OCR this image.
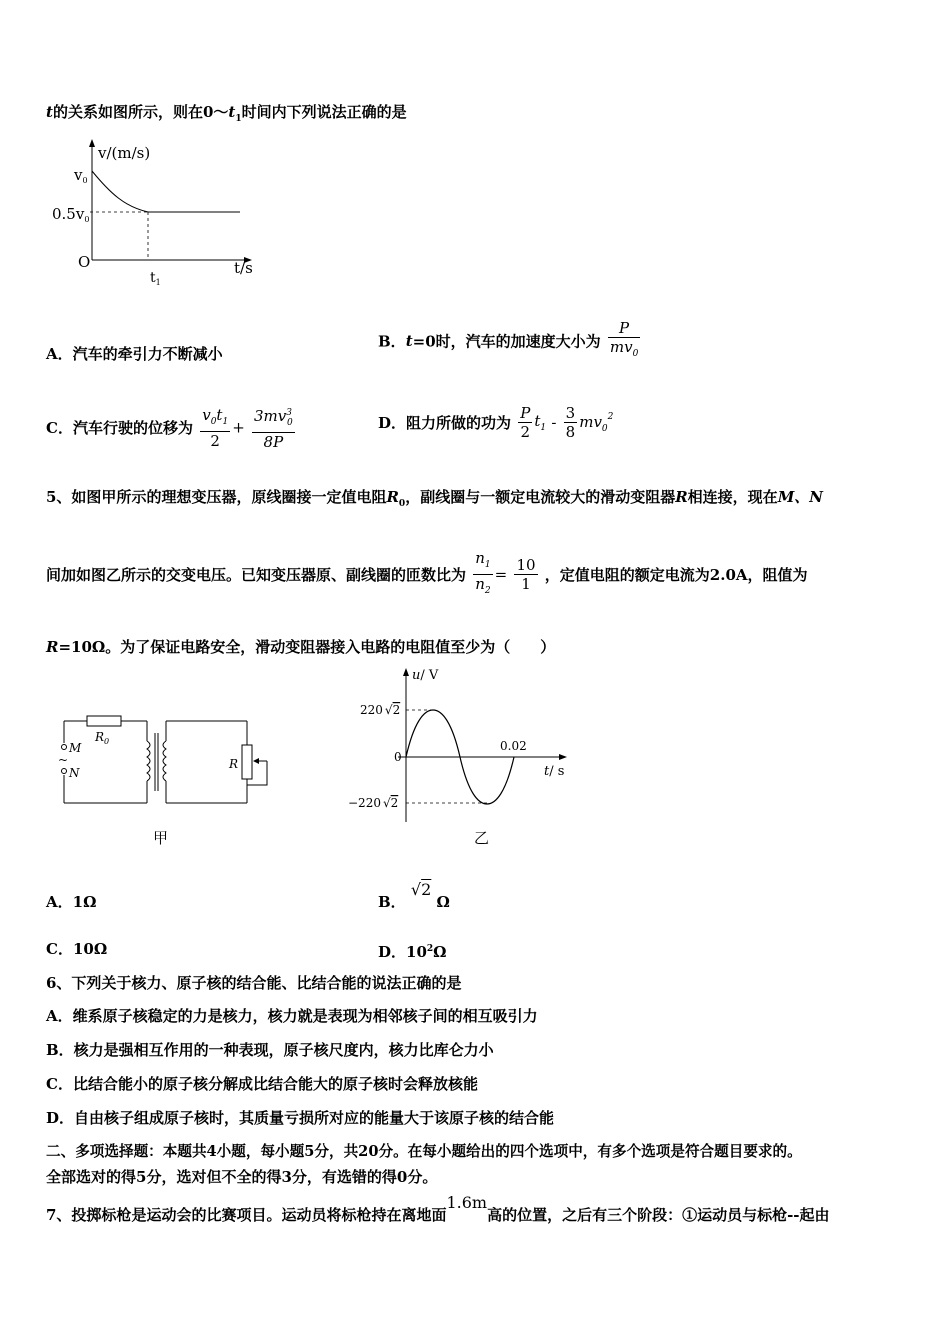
t的关系如图所示，则在$0\sim t_1$时间内下列说法正确的是
v/(m/s)
$v_0$
$0.5v_0$
O	t/s
$t_1$
A．汽车的牵引力不断减小
B．t=0时，汽车的加速度大小为 $\frac{P}{mv_0}$
C．汽车行驶的位移为 $\frac{v_0t_1}{2} + \frac{3mv^3_0}{8P}$	D．阻力所做的功为 $\frac{P}{2} t_1 - \frac{3}{8} mv_0^2$
5、如图甲所示的理想变压器，原线圈接一定值电阻$R_0$，副线圈与一额定电流较大的滑动变阻器R相连接，现在M、N
间加如图乙所示的交变电压。已知变压器原、副线圈的匝数比为 $\frac{n_1}{n_2} = \frac{10}{1}$ ，定值电阻的额定电流为2.0A，阻值为
R=10Ω。为了保证电路安全，滑动变阻器接入电路的电阻值至少为（　　）
M
~
N
$R_0$
R
甲
u/ V
220 √2
0
0.02
t/ s
−220 √2
乙
A．1Ω	B． √2 Ω
C．10Ω	D．$10^2\Omega$
6、下列关于核力、原子核的结合能、比结合能的说法正确的是
A．维系原子核稳定的力是核力，核力就是表现为相邻核子间的相互吸引力
B．核力是强相互作用的一种表现，原子核尺度内，核力比库仑力小
C．比结合能小的原子核分解成比结合能大的原子核时会释放核能
D．自由核子组成原子核时，其质量亏损所对应的能量大于该原子核的结合能
二、多项选择题：本题共4小题，每小题5分，共20分。在每小题给出的四个选项中，有多个选项是符合题目要求的。
全部选对的得5分，选对但不全的得3分，有选错的得0分。
7、投掷标枪是运动会的比赛项目。运动员将标枪持在离地面1.6m高的位置，之后有三个阶段：①运动员与标枪--起由
